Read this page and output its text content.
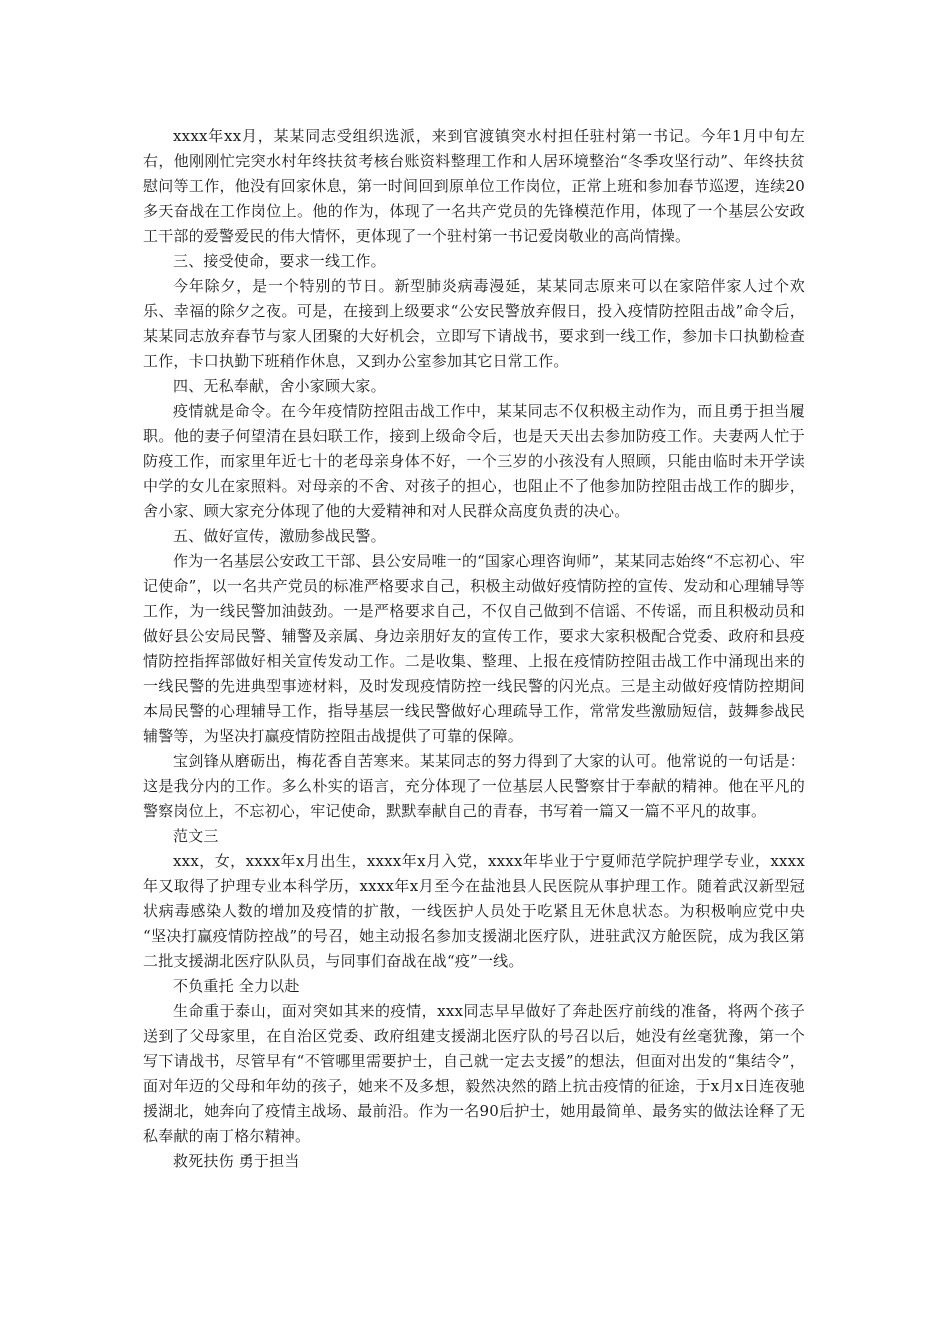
xxxx年xx月，某某同志受组织选派，来到官渡镇突水村担任驻村第一书记。今年1月中旬左右，他刚刚忙完突水村年终扶贫考核台账资料整理工作和人居环境整治“冬季攻坚行动”、年终扶贫慰问等工作，他没有回家休息，第一时间回到原单位工作岗位，正常上班和参加春节巡逻，连续20多天奋战在工作岗位上。他的作为，体现了一名共产党员的先锋模范作用，体现了一个基层公安政工干部的爱警爱民的伟大情怀，更体现了一个驻村第一书记爱岗敬业的高尚情操。

三、接受使命，要求一线工作。

今年除夕，是一个特别的节日。新型肺炎病毒漫延，某某同志原来可以在家陪伴家人过个欢乐、幸福的除夕之夜。可是，在接到上级要求“公安民警放弃假日，投入疫情防控阻击战”命令后，某某同志放弃春节与家人团聚的大好机会，立即写下请战书，要求到一线工作，参加卡口执勤检查工作，卡口执勤下班稍作休息，又到办公室参加其它日常工作。

四、无私奉献，舍小家顾大家。

疫情就是命令。在今年疫情防控阻击战工作中，某某同志不仅积极主动作为，而且勇于担当履职。他的妻子何望清在县妇联工作，接到上级命令后，也是天天出去参加防疫工作。夫妻两人忙于防疫工作，而家里年近七十的老母亲身体不好，一个三岁的小孩没有人照顾，只能由临时未开学读中学的女儿在家照料。对母亲的不舍、对孩子的担心，也阻止不了他参加防控阻击战工作的脚步，舍小家、顾大家充分体现了他的大爱精神和对人民群众高度负责的决心。

五、做好宣传，激励参战民警。

作为一名基层公安政工干部、县公安局唯一的“国家心理咨询师”，某某同志始终“不忘初心、牢记使命”，以一名共产党员的标准严格要求自己，积极主动做好疫情防控的宣传、发动和心理辅导等工作，为一线民警加油鼓劲。一是严格要求自己，不仅自己做到不信谣、不传谣，而且积极动员和做好县公安局民警、辅警及亲属、身边亲朋好友的宣传工作，要求大家积极配合党委、政府和县疫情防控指挥部做好相关宣传发动工作。二是收集、整理、上报在疫情防控阻击战工作中涌现出来的一线民警的先进典型事迹材料，及时发现疫情防控一线民警的闪光点。三是主动做好疫情防控期间本局民警的心理辅导工作，指导基层一线民警做好心理疏导工作，常常发些激励短信，鼓舞参战民辅警等，为坚决打赢疫情防控阻击战提供了可靠的保障。

宝剑锋从磨砺出，梅花香自苦寒来。某某同志的努力得到了大家的认可。他常说的一句话是：这是我分内的工作。多么朴实的语言，充分体现了一位基层人民警察甘于奉献的精神。他在平凡的警察岗位上，不忘初心，牢记使命，默默奉献自己的青春，书写着一篇又一篇不平凡的故事。

范文三

xxx，女，xxxx年x月出生，xxxx年x月入党，xxxx年毕业于宁夏师范学院护理学专业，xxxx年又取得了护理专业本科学历，xxxx年x月至今在盐池县人民医院从事护理工作。随着武汉新型冠状病毒感染人数的增加及疫情的扩散，一线医护人员处于吃紧且无休息状态。为积极响应党中央 “坚决打赢疫情防控战”的号召，她主动报名参加支援湖北医疗队，进驻武汉方舱医院，成为我区第二批支援湖北医疗队队员，与同事们奋战在战“疫”一线。

不负重托 全力以赴

生命重于泰山，面对突如其来的疫情，xxx同志早早做好了奔赴医疗前线的准备，将两个孩子送到了父母家里，在自治区党委、政府组建支援湖北医疗队的号召以后，她没有丝毫犹豫，第一个写下请战书，尽管早有“不管哪里需要护士，自己就一定去支援”的想法，但面对出发的“集结令”， 面对年迈的父母和年幼的孩子，她来不及多想，毅然决然的踏上抗击疫情的征途，于x月x日连夜驰援湖北，她奔向了疫情主战场、最前沿。作为一名90后护士，她用最简单、最务实的做法诠释了无私奉献的南丁格尔精神。

救死扶伤 勇于担当
